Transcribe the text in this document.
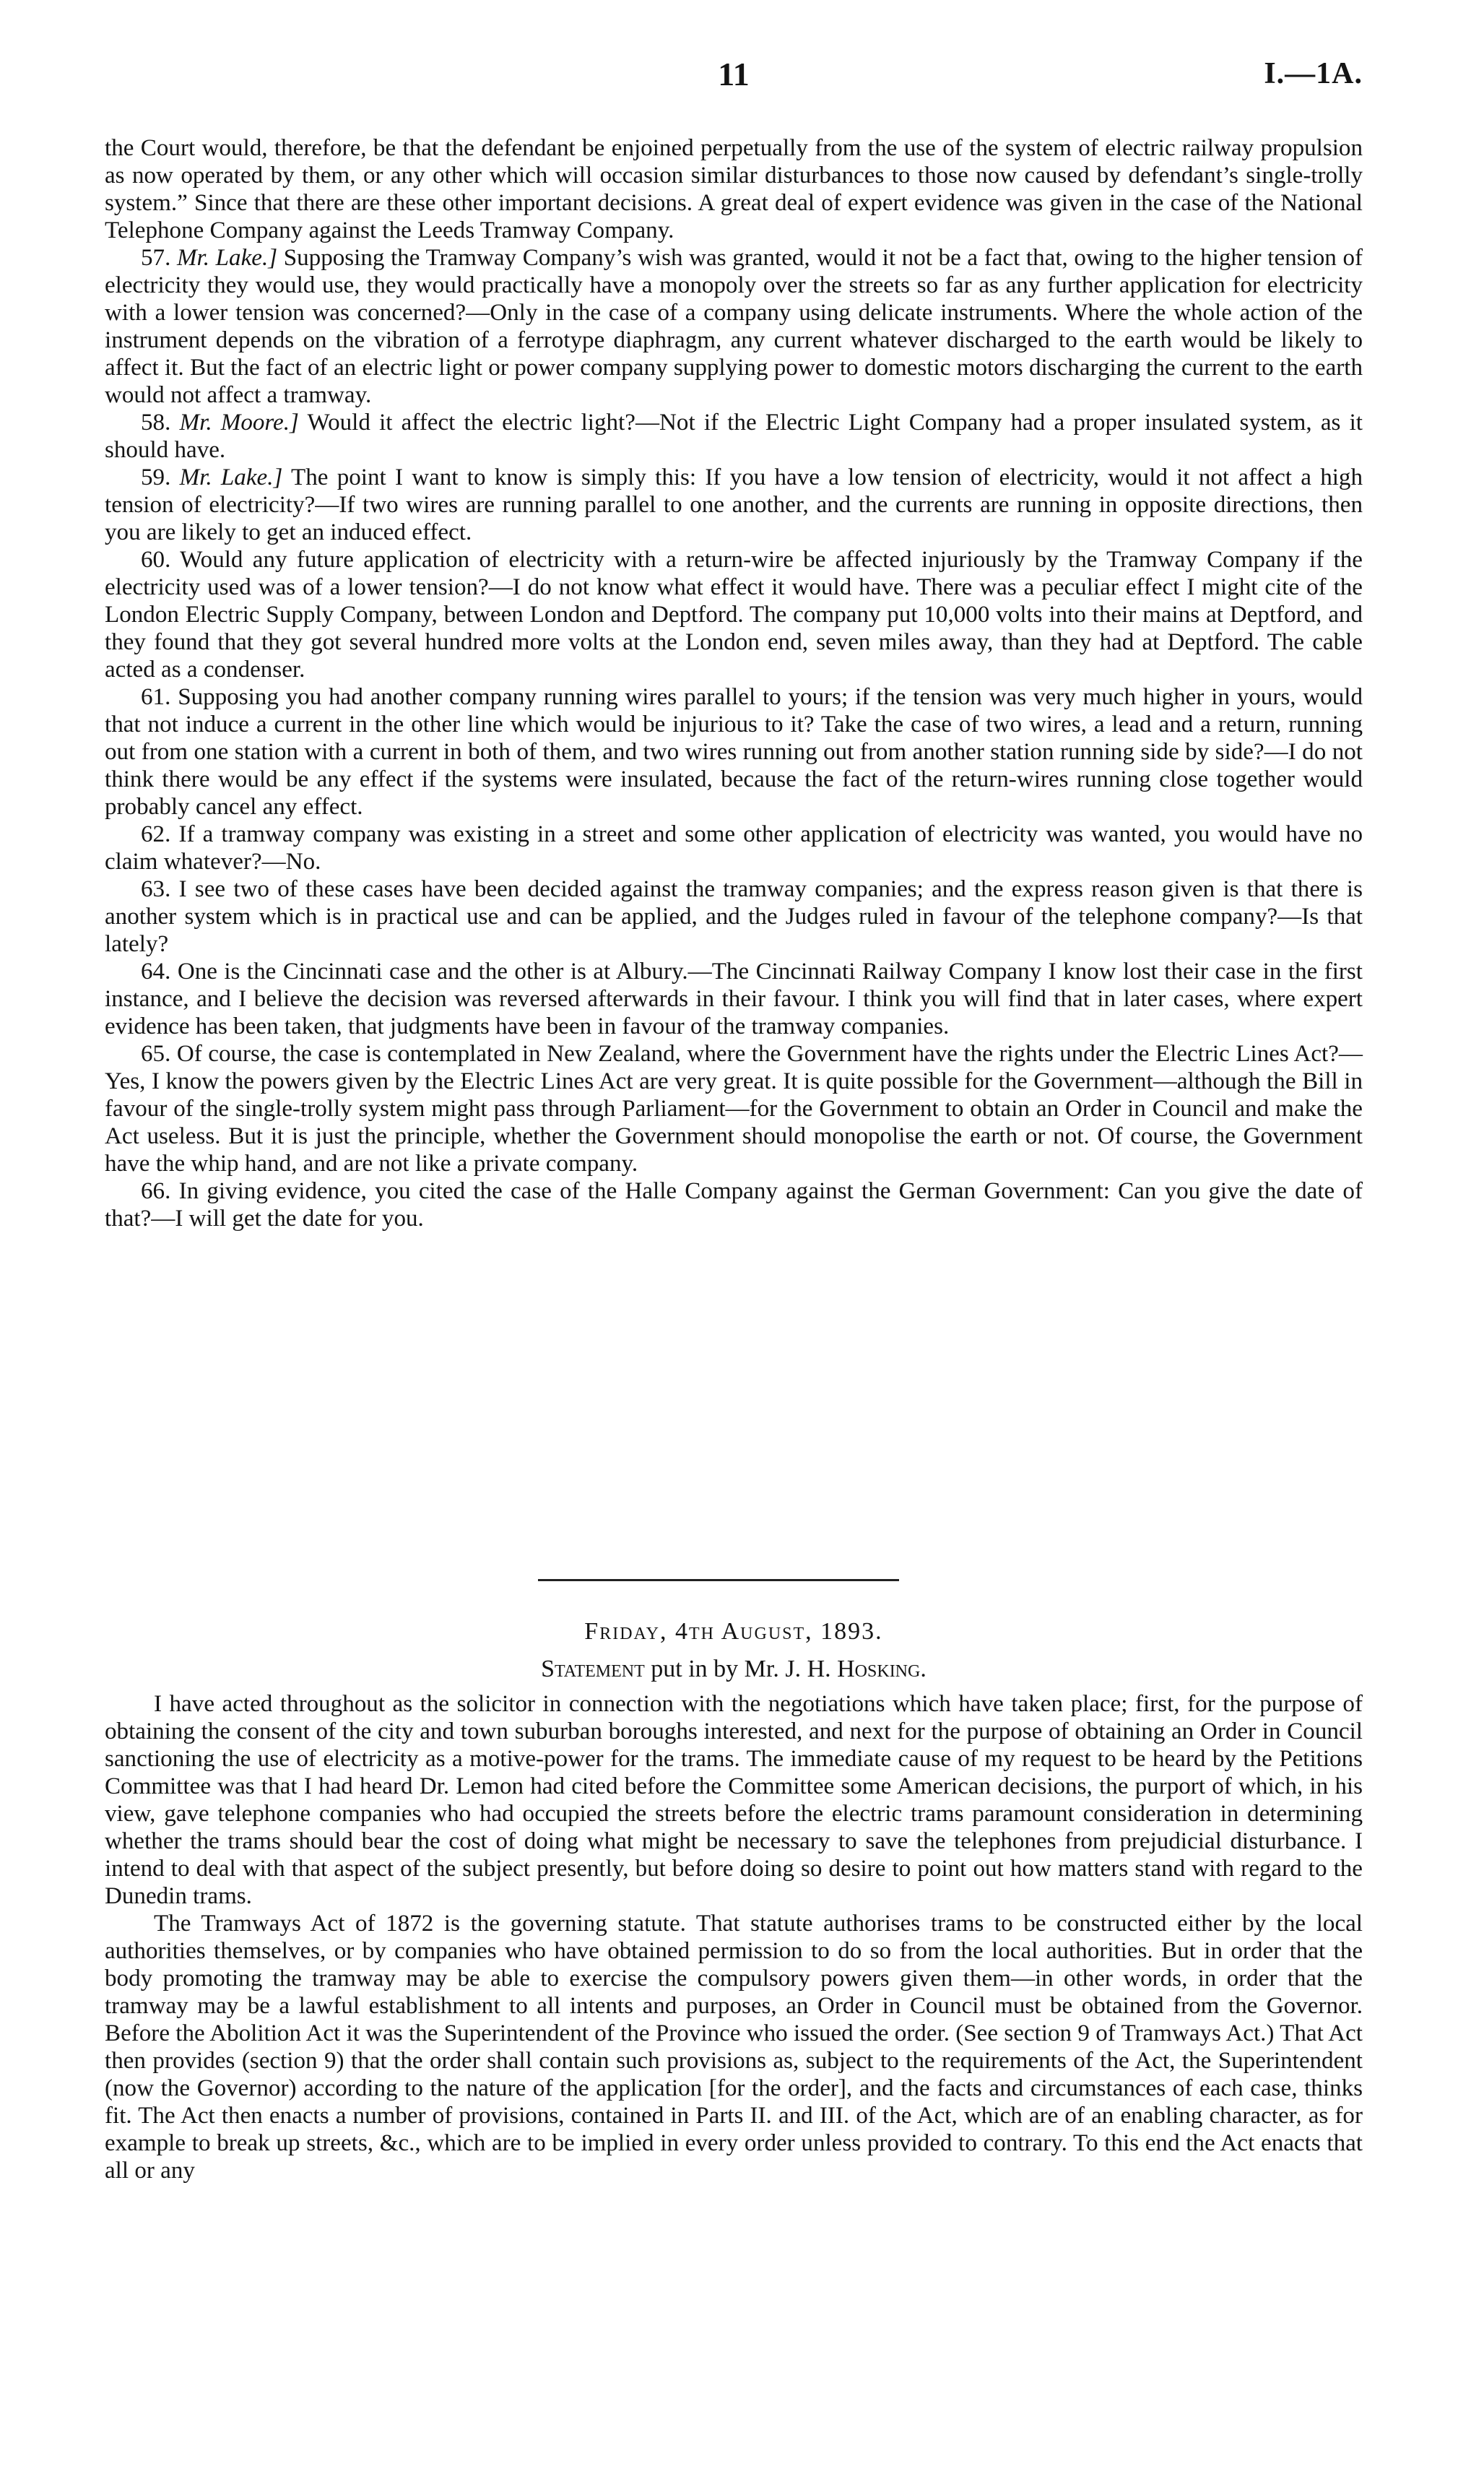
11	I.—1A.

the Court would, therefore, be that the defendant be enjoined perpetually from the use of the system of electric railway propulsion as now operated by them, or any other which will occasion similar disturbances to those now caused by defendant’s single-trolly system.” Since that there are these other important decisions. A great deal of expert evidence was given in the case of the National Telephone Company against the Leeds Tramway Company.

57. Mr. Lake.] Supposing the Tramway Company’s wish was granted, would it not be a fact that, owing to the higher tension of electricity they would use, they would practically have a monopoly over the streets so far as any further application for electricity with a lower tension was concerned?—Only in the case of a company using delicate instruments. Where the whole action of the instrument depends on the vibration of a ferrotype diaphragm, any current whatever discharged to the earth would be likely to affect it. But the fact of an electric light or power company supplying power to domestic motors discharging the current to the earth would not affect a tramway.

58. Mr. Moore.] Would it affect the electric light?—Not if the Electric Light Company had a proper insulated system, as it should have.

59. Mr. Lake.] The point I want to know is simply this: If you have a low tension of electricity, would it not affect a high tension of electricity?—If two wires are running parallel to one another, and the currents are running in opposite directions, then you are likely to get an induced effect.

60. Would any future application of electricity with a return-wire be affected injuriously by the Tramway Company if the electricity used was of a lower tension?—I do not know what effect it would have. There was a peculiar effect I might cite of the London Electric Supply Company, between London and Deptford. The company put 10,000 volts into their mains at Deptford, and they found that they got several hundred more volts at the London end, seven miles away, than they had at Deptford. The cable acted as a condenser.

61. Supposing you had another company running wires parallel to yours; if the tension was very much higher in yours, would that not induce a current in the other line which would be injurious to it? Take the case of two wires, a lead and a return, running out from one station with a current in both of them, and two wires running out from another station running side by side?—I do not think there would be any effect if the systems were insulated, because the fact of the return-wires running close together would probably cancel any effect.

62. If a tramway company was existing in a street and some other application of electricity was wanted, you would have no claim whatever?—No.

63. I see two of these cases have been decided against the tramway companies; and the express reason given is that there is another system which is in practical use and can be applied, and the Judges ruled in favour of the telephone company?—Is that lately?

64. One is the Cincinnati case and the other is at Albury.—The Cincinnati Railway Company I know lost their case in the first instance, and I believe the decision was reversed afterwards in their favour. I think you will find that in later cases, where expert evidence has been taken, that judgments have been in favour of the tramway companies.

65. Of course, the case is contemplated in New Zealand, where the Government have the rights under the Electric Lines Act?—Yes, I know the powers given by the Electric Lines Act are very great. It is quite possible for the Government—although the Bill in favour of the single-trolly system might pass through Parliament—for the Government to obtain an Order in Council and make the Act useless. But it is just the principle, whether the Government should monopolise the earth or not. Of course, the Government have the whip hand, and are not like a private company.

66. In giving evidence, you cited the case of the Halle Company against the German Government: Can you give the date of that?—I will get the date for you.

Friday, 4th August, 1893.

Statement put in by Mr. J. H. Hosking.

I have acted throughout as the solicitor in connection with the negotiations which have taken place; first, for the purpose of obtaining the consent of the city and town suburban boroughs interested, and next for the purpose of obtaining an Order in Council sanctioning the use of electricity as a motive-power for the trams. The immediate cause of my request to be heard by the Petitions Committee was that I had heard Dr. Lemon had cited before the Committee some American decisions, the purport of which, in his view, gave telephone companies who had occupied the streets before the electric trams paramount consideration in determining whether the trams should bear the cost of doing what might be necessary to save the telephones from prejudicial disturbance. I intend to deal with that aspect of the subject presently, but before doing so desire to point out how matters stand with regard to the Dunedin trams.

The Tramways Act of 1872 is the governing statute. That statute authorises trams to be constructed either by the local authorities themselves, or by companies who have obtained permission to do so from the local authorities. But in order that the body promoting the tramway may be able to exercise the compulsory powers given them—in other words, in order that the tramway may be a lawful establishment to all intents and purposes, an Order in Council must be obtained from the Governor. Before the Abolition Act it was the Superintendent of the Province who issued the order. (See section 9 of Tramways Act.) That Act then provides (section 9) that the order shall contain such provisions as, subject to the requirements of the Act, the Superintendent (now the Governor) according to the nature of the application [for the order], and the facts and circumstances of each case, thinks fit. The Act then enacts a number of provisions, contained in Parts II. and III. of the Act, which are of an enabling character, as for example to break up streets, &c., which are to be implied in every order unless provided to contrary. To this end the Act enacts that all or any
